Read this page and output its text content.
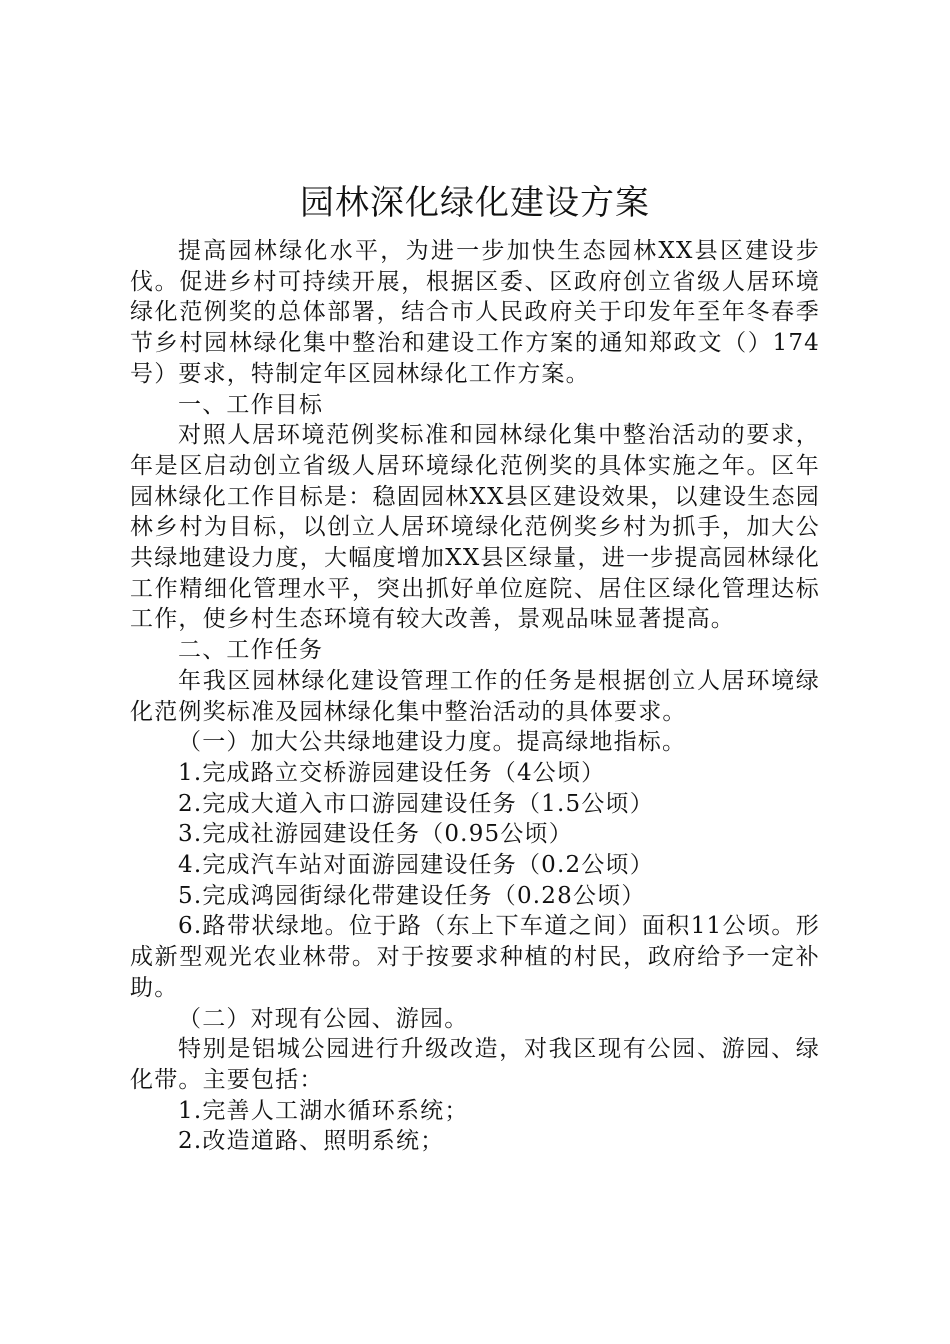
园林深化绿化建设方案

提高园林绿化水平，为进一步加快生态园林XX县区建设步伐。促进乡村可持续开展，根据区委、区政府创立省级人居环境绿化范例奖的总体部署，结合市人民政府关于印发年至年冬春季节乡村园林绿化集中整治和建设工作方案的通知郑政文（）174号）要求，特制定年区园林绿化工作方案。

一、工作目标

对照人居环境范例奖标准和园林绿化集中整治活动的要求，年是区启动创立省级人居环境绿化范例奖的具体实施之年。区年园林绿化工作目标是：稳固园林XX县区建设效果，以建设生态园林乡村为目标，以创立人居环境绿化范例奖乡村为抓手，加大公共绿地建设力度，大幅度增加XX县区绿量，进一步提高园林绿化工作精细化管理水平，突出抓好单位庭院、居住区绿化管理达标工作，使乡村生态环境有较大改善，景观品味显著提高。

二、工作任务

年我区园林绿化建设管理工作的任务是根据创立人居环境绿化范例奖标准及园林绿化集中整治活动的具体要求。

（一）加大公共绿地建设力度。提高绿地指标。

1.完成路立交桥游园建设任务（4公顷）

2.完成大道入市口游园建设任务（1.5公顷）

3.完成社游园建设任务（0.95公顷）

4.完成汽车站对面游园建设任务（0.2公顷）

5.完成鸿园街绿化带建设任务（0.28公顷）

6.路带状绿地。位于路（东上下车道之间）面积11公顷。形成新型观光农业林带。对于按要求种植的村民，政府给予一定补助。

（二）对现有公园、游园。

特别是铝城公园进行升级改造，对我区现有公园、游园、绿化带。主要包括：

1.完善人工湖水循环系统；

2.改造道路、照明系统；
